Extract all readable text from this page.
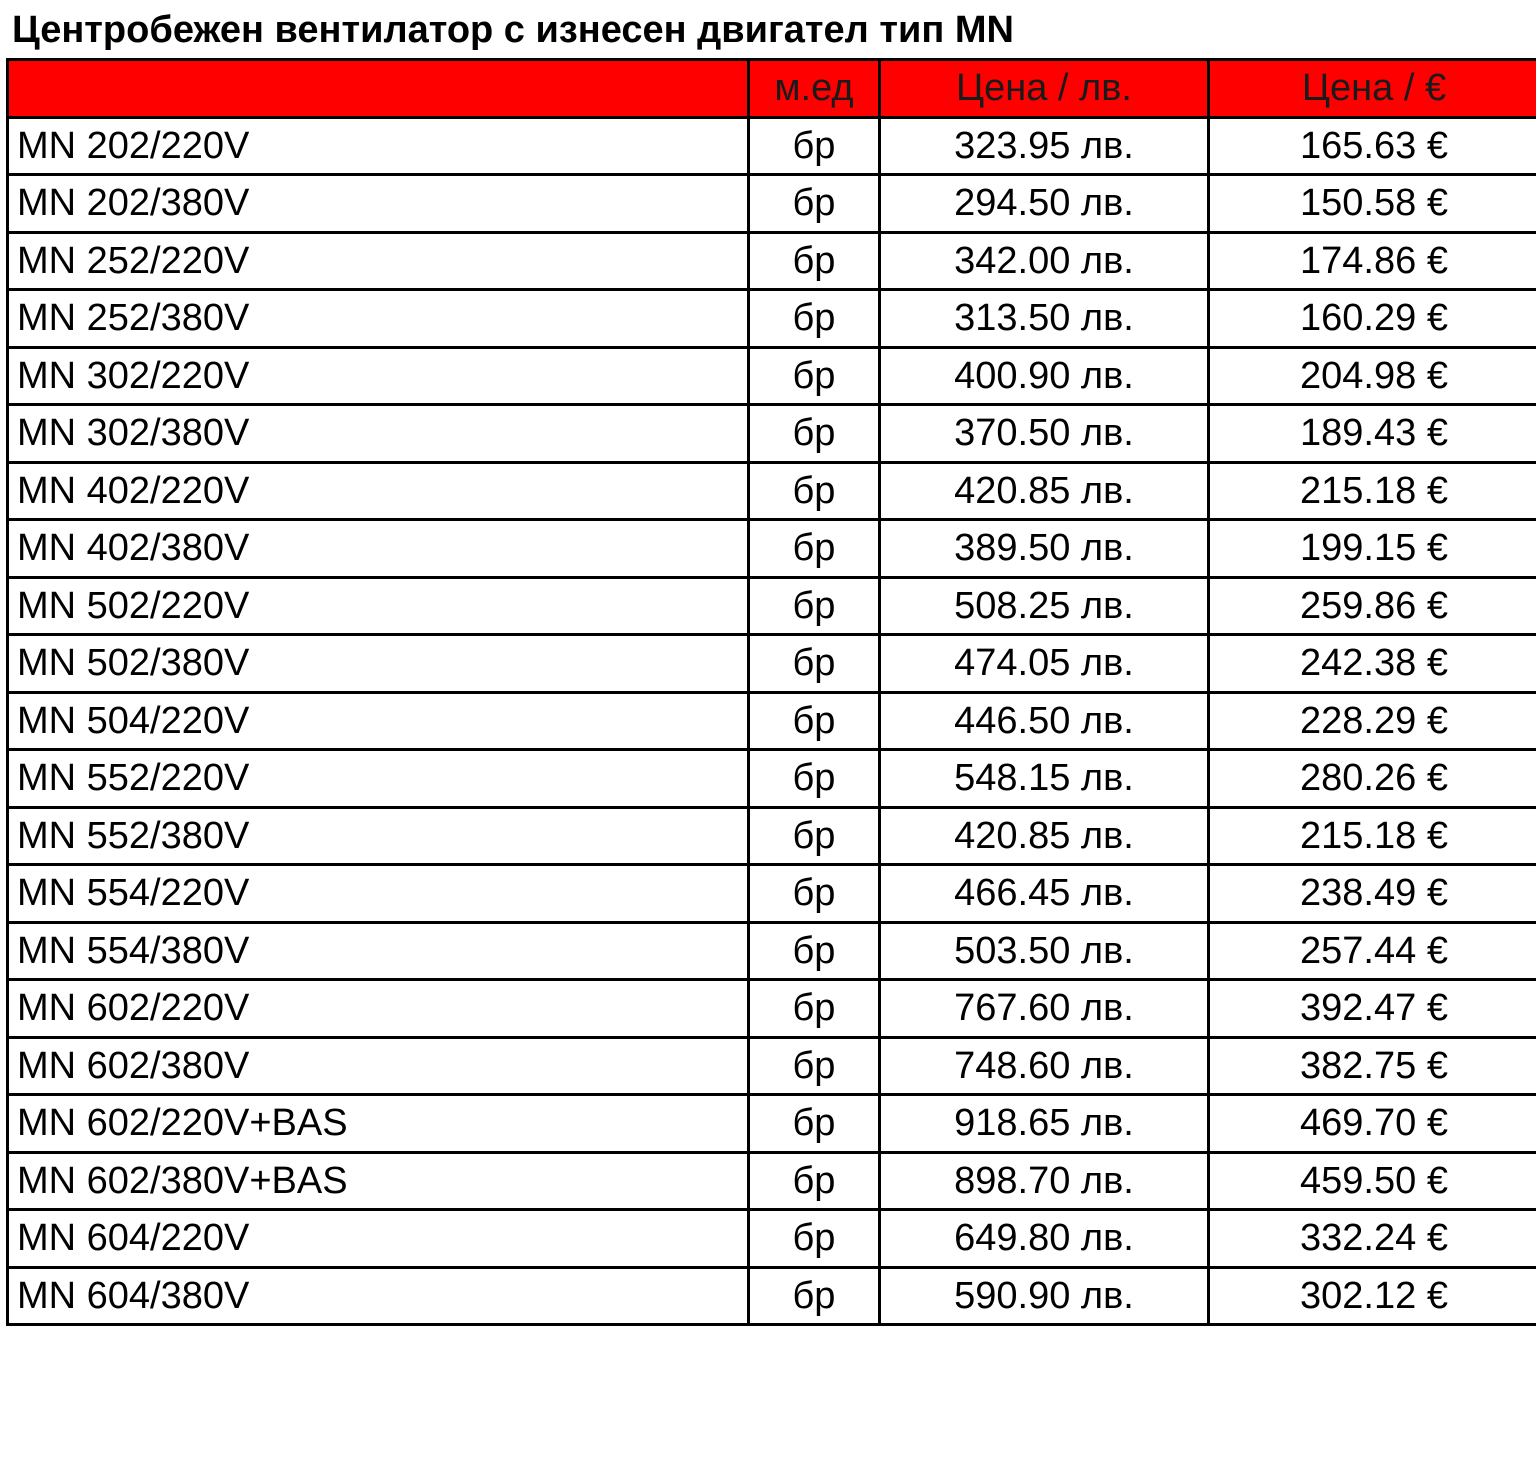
Центробежен вентилатор с изнесен двигател тип MN
	м.ед	Цена / лв.	Цена / €
MN 202/220V	бр	323.95 лв.	165.63 €
MN 202/380V	бр	294.50 лв.	150.58 €
MN 252/220V	бр	342.00 лв.	174.86 €
MN 252/380V	бр	313.50 лв.	160.29 €
MN 302/220V	бр	400.90 лв.	204.98 €
MN 302/380V	бр	370.50 лв.	189.43 €
MN 402/220V	бр	420.85 лв.	215.18 €
MN 402/380V	бр	389.50 лв.	199.15 €
MN 502/220V	бр	508.25 лв.	259.86 €
MN 502/380V	бр	474.05 лв.	242.38 €
MN 504/220V	бр	446.50 лв.	228.29 €
MN 552/220V	бр	548.15 лв.	280.26 €
MN 552/380V	бр	420.85 лв.	215.18 €
MN 554/220V	бр	466.45 лв.	238.49 €
MN 554/380V	бр	503.50 лв.	257.44 €
MN 602/220V	бр	767.60 лв.	392.47 €
MN 602/380V	бр	748.60 лв.	382.75 €
MN 602/220V+BAS	бр	918.65 лв.	469.70 €
MN 602/380V+BAS	бр	898.70 лв.	459.50 €
MN 604/220V	бр	649.80 лв.	332.24 €
MN 604/380V	бр	590.90 лв.	302.12 €
